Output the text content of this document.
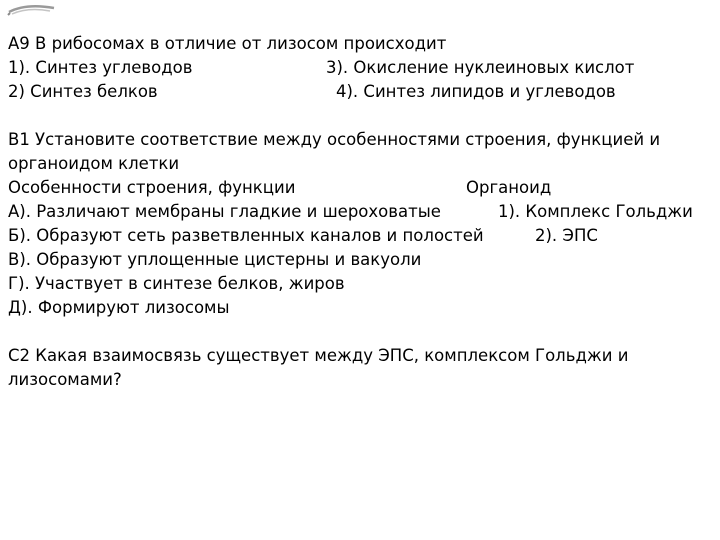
А9 В рибосомах в отличие от лизосом происходит
1). Синтез углеводов	3). Окисление нуклеиновых кислот
2) Синтез белков	4). Синтез липидов и углеводов
В1 Установите соответствие между особенностями строения, функцией и
органоидом клетки
Особенности строения, функции	Органоид
А). Различают мембраны гладкие и шероховатые	1). Комплекс Гольджи
Б). Образуют сеть разветвленных каналов и полостей	2). ЭПС
В). Образуют уплощенные цистерны и вакуоли
Г). Участвует в синтезе белков, жиров
Д). Формируют лизосомы
С2 Какая взаимосвязь существует между ЭПС, комплексом Гольджи и
лизосомами?
